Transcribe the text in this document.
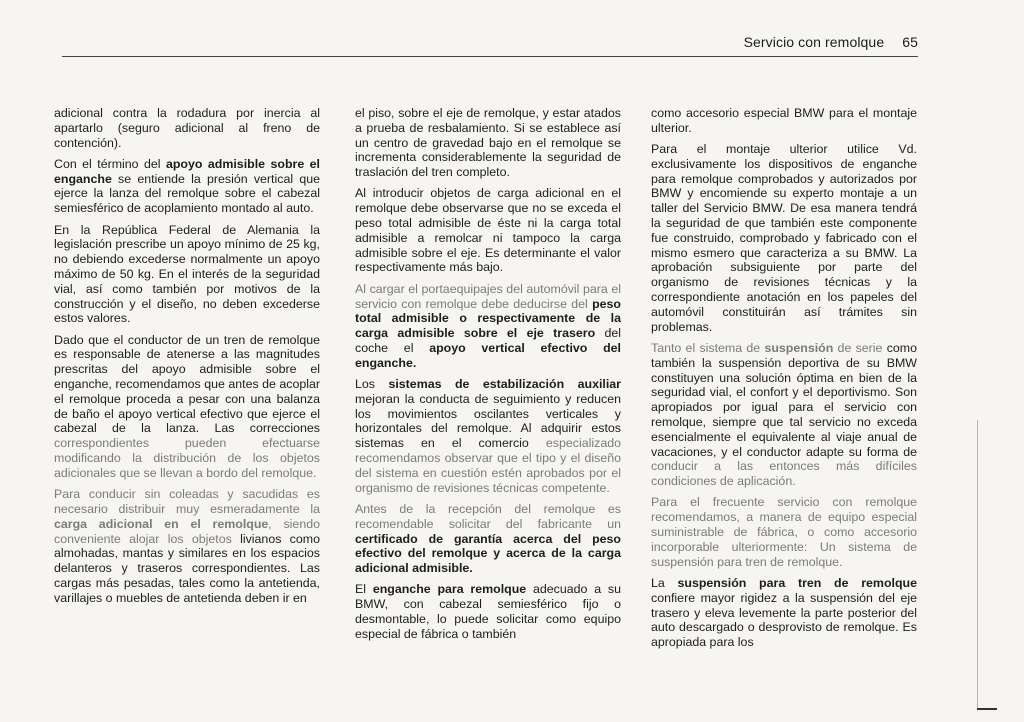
Servicio con remolque 65

adicional contra la rodadura por inercia al apartarlo (seguro adicional al freno de contención).

Con el término del apoyo admisible sobre el enganche se entiende la presión vertical que ejerce la lanza del remolque sobre el cabezal semiesférico de acoplamiento montado al auto.

En la República Federal de Alemania la legislación prescribe un apoyo mínimo de 25 kg, no debiendo excederse normalmente un apoyo máximo de 50 kg. En el interés de la seguridad vial, así como también por motivos de la construcción y el diseño, no deben excederse estos valores.

Dado que el conductor de un tren de remolque es responsable de atenerse a las magnitudes prescritas del apoyo admisible sobre el enganche, recomendamos que antes de acoplar el remolque proceda a pesar con una balanza de baño el apoyo vertical efectivo que ejerce el cabezal de la lanza. Las correcciones correspondientes pueden efectuarse modificando la distribución de los objetos adicionales que se llevan a bordo del remolque.

Para conducir sin coleadas y sacudidas es necesario distribuir muy esmeradamente la carga adicional en el remolque, siendo conveniente alojar los objetos livianos como almohadas, mantas y similares en los espacios delanteros y traseros correspondientes. Las cargas más pesadas, tales como la antetienda, varillajes o muebles de antetienda deben ir en

el piso, sobre el eje de remolque, y estar atados a prueba de resbalamiento. Si se establece así un centro de gravedad bajo en el remolque se incrementa considerablemente la seguridad de traslación del tren completo.

Al introducir objetos de carga adicional en el remolque debe observarse que no se exceda el peso total admisible de éste ni la carga total admisible a remolcar ni tampoco la carga admisible sobre el eje. Es determinante el valor respectivamente más bajo.

Al cargar el portaequipajes del automóvil para el servicio con remolque debe deducirse del peso total admisible o respectivamente de la carga admisible sobre el eje trasero del coche el apoyo vertical efectivo del enganche.

Los sistemas de estabilización auxiliar mejoran la conducta de seguimiento y reducen los movimientos oscilantes verticales y horizontales del remolque. Al adquirir estos sistemas en el comercio especializado recomendamos observar que el tipo y el diseño del sistema en cuestión estén aprobados por el organismo de revisiones técnicas competente.

Antes de la recepción del remolque es recomendable solicitar del fabricante un certificado de garantía acerca del peso efectivo del remolque y acerca de la carga adicional admisible.

El enganche para remolque adecuado a su BMW, con cabezal semiesférico fijo o desmontable, lo puede solicitar como equipo especial de fábrica o también

como accesorio especial BMW para el montaje ulterior.

Para el montaje ulterior utilice Vd. exclusivamente los dispositivos de enganche para remolque comprobados y autorizados por BMW y encomiende su experto montaje a un taller del Servicio BMW. De esa manera tendrá la seguridad de que también este componente fue construido, comprobado y fabricado con el mismo esmero que caracteriza a su BMW. La aprobación subsiguiente por parte del organismo de revisiones técnicas y la correspondiente anotación en los papeles del automóvil constituirán así trámites sin problemas.

Tanto el sistema de suspensión de serie como también la suspensión deportiva de su BMW constituyen una solución óptima en bien de la seguridad vial, el confort y el deportivismo. Son apropiados por igual para el servicio con remolque, siempre que tal servicio no exceda esencialmente el equivalente al viaje anual de vacaciones, y el conductor adapte su forma de conducir a las entonces más difíciles condiciones de aplicación.

Para el frecuente servicio con remolque recomendamos, a manera de equipo especial suministrable de fábrica, o como accesorio incorporable ulteriormente: Un sistema de suspensión para tren de remolque.

La suspensión para tren de remolque confiere mayor rigidez a la suspensión del eje trasero y eleva levemente la parte posterior del auto descargado o desprovisto de remolque. Es apropiada para los
